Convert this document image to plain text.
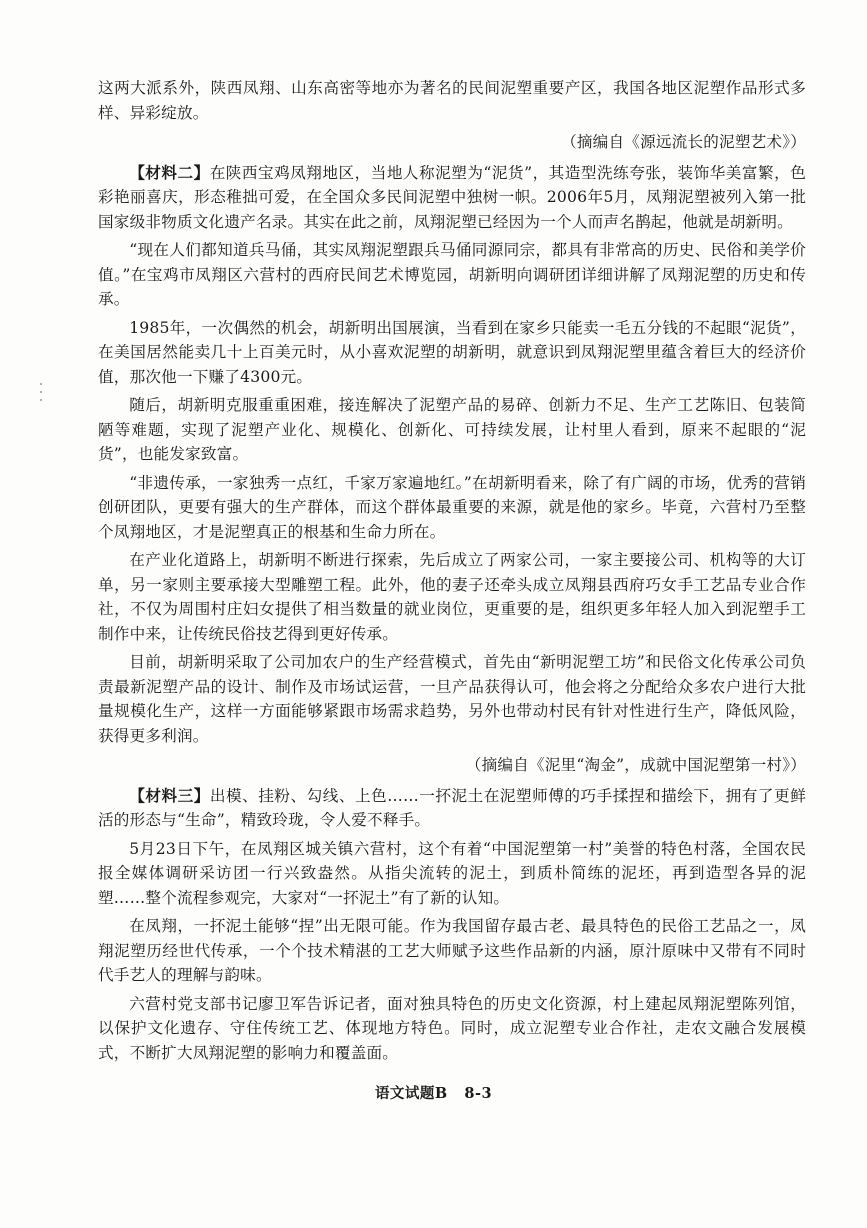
这两大派系外，陕西凤翔、山东高密等地亦为著名的民间泥塑重要产区，我国各地区泥塑作品形式多样、异彩绽放。

（摘编自《源远流长的泥塑艺术》）

【材料二】在陕西宝鸡凤翔地区，当地人称泥塑为“泥货”，其造型洗练夸张，装饰华美富繁，色彩艳丽喜庆，形态稚拙可爱，在全国众多民间泥塑中独树一帜。2006年5月，凤翔泥塑被列入第一批国家级非物质文化遗产名录。其实在此之前，凤翔泥塑已经因为一个人而声名鹊起，他就是胡新明。

“现在人们都知道兵马俑，其实凤翔泥塑跟兵马俑同源同宗，都具有非常高的历史、民俗和美学价值。”在宝鸡市凤翔区六营村的西府民间艺术博览园，胡新明向调研团详细讲解了凤翔泥塑的历史和传承。

1985年，一次偶然的机会，胡新明出国展演，当看到在家乡只能卖一毛五分钱的不起眼“泥货”，在美国居然能卖几十上百美元时，从小喜欢泥塑的胡新明，就意识到凤翔泥塑里蕴含着巨大的经济价值，那次他一下赚了4300元。

随后，胡新明克服重重困难，接连解决了泥塑产品的易碎、创新力不足、生产工艺陈旧、包装简陋等难题，实现了泥塑产业化、规模化、创新化、可持续发展，让村里人看到，原来不起眼的“泥货”，也能发家致富。

“非遗传承，一家独秀一点红，千家万家遍地红。”在胡新明看来，除了有广阔的市场，优秀的营销创研团队，更要有强大的生产群体，而这个群体最重要的来源，就是他的家乡。毕竟，六营村乃至整个凤翔地区，才是泥塑真正的根基和生命力所在。

在产业化道路上，胡新明不断进行探索，先后成立了两家公司，一家主要接公司、机构等的大订单，另一家则主要承接大型雕塑工程。此外，他的妻子还牵头成立凤翔县西府巧女手工艺品专业合作社，不仅为周围村庄妇女提供了相当数量的就业岗位，更重要的是，组织更多年轻人加入到泥塑手工制作中来，让传统民俗技艺得到更好传承。

目前，胡新明采取了公司加农户的生产经营模式，首先由“新明泥塑工坊”和民俗文化传承公司负责最新泥塑产品的设计、制作及市场试运营，一旦产品获得认可，他会将之分配给众多农户进行大批量规模化生产，这样一方面能够紧跟市场需求趋势，另外也带动村民有针对性进行生产，降低风险，获得更多利润。

（摘编自《泥里“淘金”，成就中国泥塑第一村》）

【材料三】出模、挂粉、勾线、上色……一抔泥土在泥塑师傅的巧手揉捏和描绘下，拥有了更鲜活的形态与“生命”，精致玲珑，令人爱不释手。

5月23日下午，在凤翔区城关镇六营村，这个有着“中国泥塑第一村”美誉的特色村落，全国农民报全媒体调研采访团一行兴致盎然。从指尖流转的泥土，到质朴简练的泥坯，再到造型各异的泥塑……整个流程参观完，大家对“一抔泥土”有了新的认知。

在凤翔，一抔泥土能够“捏”出无限可能。作为我国留存最古老、最具特色的民俗工艺品之一，凤翔泥塑历经世代传承，一个个技术精湛的工艺大师赋予这些作品新的内涵，原汁原味中又带有不同时代手艺人的理解与韵味。

六营村党支部书记廖卫军告诉记者，面对独具特色的历史文化资源，村上建起凤翔泥塑陈列馆，以保护文化遗存、守住传统工艺、体现地方特色。同时，成立泥塑专业合作社，走农文融合发展模式，不断扩大凤翔泥塑的影响力和覆盖面。

语文试题B 8-3
